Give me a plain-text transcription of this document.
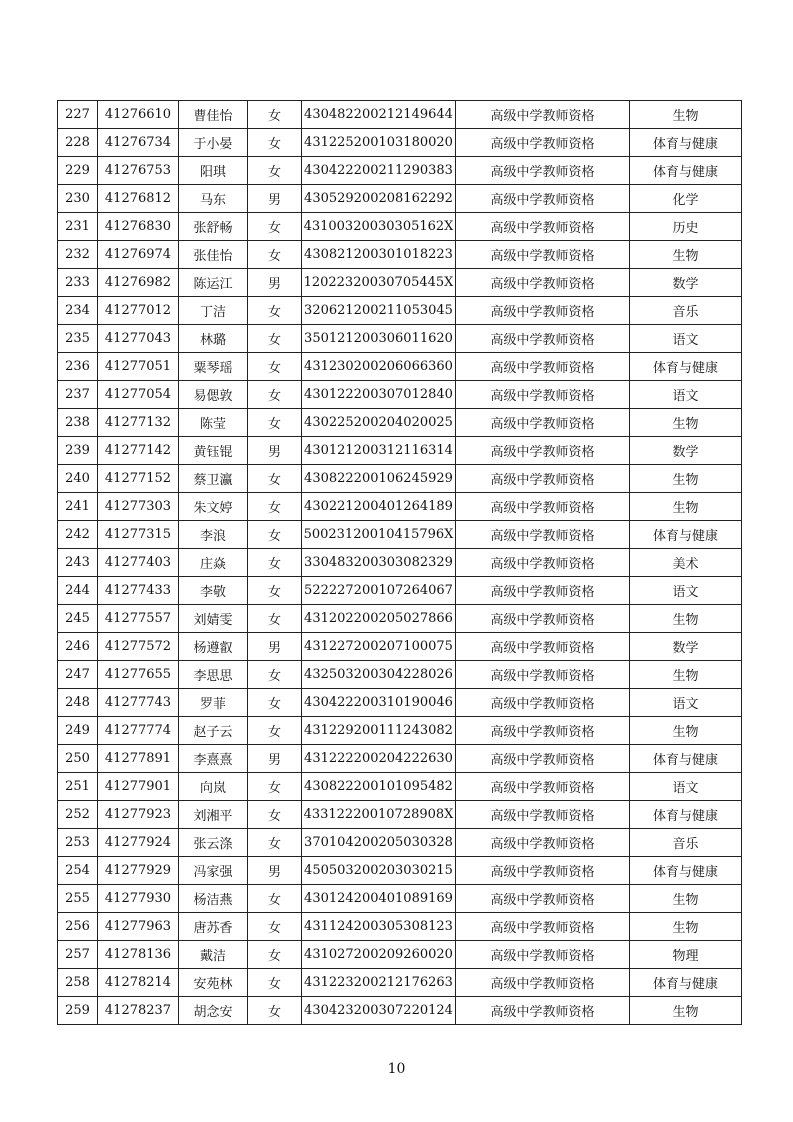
227	41276610	曹佳怡	女	430482200212149644	高级中学教师资格	生物
228	41276734	于小晏	女	431225200103180020	高级中学教师资格	体育与健康
229	41276753	阳琪	女	430422200211290383	高级中学教师资格	体育与健康
230	41276812	马东	男	430529200208162292	高级中学教师资格	化学
231	41276830	张舒畅	女	43100320030305162X	高级中学教师资格	历史
232	41276974	张佳怡	女	430821200301018223	高级中学教师资格	生物
233	41276982	陈运江	男	12022320030705445X	高级中学教师资格	数学
234	41277012	丁洁	女	320621200211053045	高级中学教师资格	音乐
235	41277043	林璐	女	350121200306011620	高级中学教师资格	语文
236	41277051	粟琴瑶	女	431230200206066360	高级中学教师资格	体育与健康
237	41277054	易偲敦	女	430122200307012840	高级中学教师资格	语文
238	41277132	陈莹	女	430225200204020025	高级中学教师资格	生物
239	41277142	黄钰锟	男	430121200312116314	高级中学教师资格	数学
240	41277152	蔡卫瀛	女	430822200106245929	高级中学教师资格	生物
241	41277303	朱文婷	女	430221200401264189	高级中学教师资格	生物
242	41277315	李浪	女	50023120010415796X	高级中学教师资格	体育与健康
243	41277403	庄焱	女	330483200303082329	高级中学教师资格	美术
244	41277433	李敬	女	522227200107264067	高级中学教师资格	语文
245	41277557	刘婧雯	女	431202200205027866	高级中学教师资格	生物
246	41277572	杨遵叡	男	431227200207100075	高级中学教师资格	数学
247	41277655	李思思	女	432503200304228026	高级中学教师资格	生物
248	41277743	罗菲	女	430422200310190046	高级中学教师资格	语文
249	41277774	赵子云	女	431229200111243082	高级中学教师资格	生物
250	41277891	李熹熹	男	431222200204222630	高级中学教师资格	体育与健康
251	41277901	向岚	女	430822200101095482	高级中学教师资格	语文
252	41277923	刘湘平	女	43312220010728908X	高级中学教师资格	体育与健康
253	41277924	张云涤	女	370104200205030328	高级中学教师资格	音乐
254	41277929	冯家强	男	450503200203030215	高级中学教师资格	体育与健康
255	41277930	杨洁燕	女	430124200401089169	高级中学教师资格	生物
256	41277963	唐苏香	女	431124200305308123	高级中学教师资格	生物
257	41278136	戴洁	女	431027200209260020	高级中学教师资格	物理
258	41278214	安苑林	女	431223200212176263	高级中学教师资格	体育与健康
259	41278237	胡念安	女	430423200307220124	高级中学教师资格	生物
10
